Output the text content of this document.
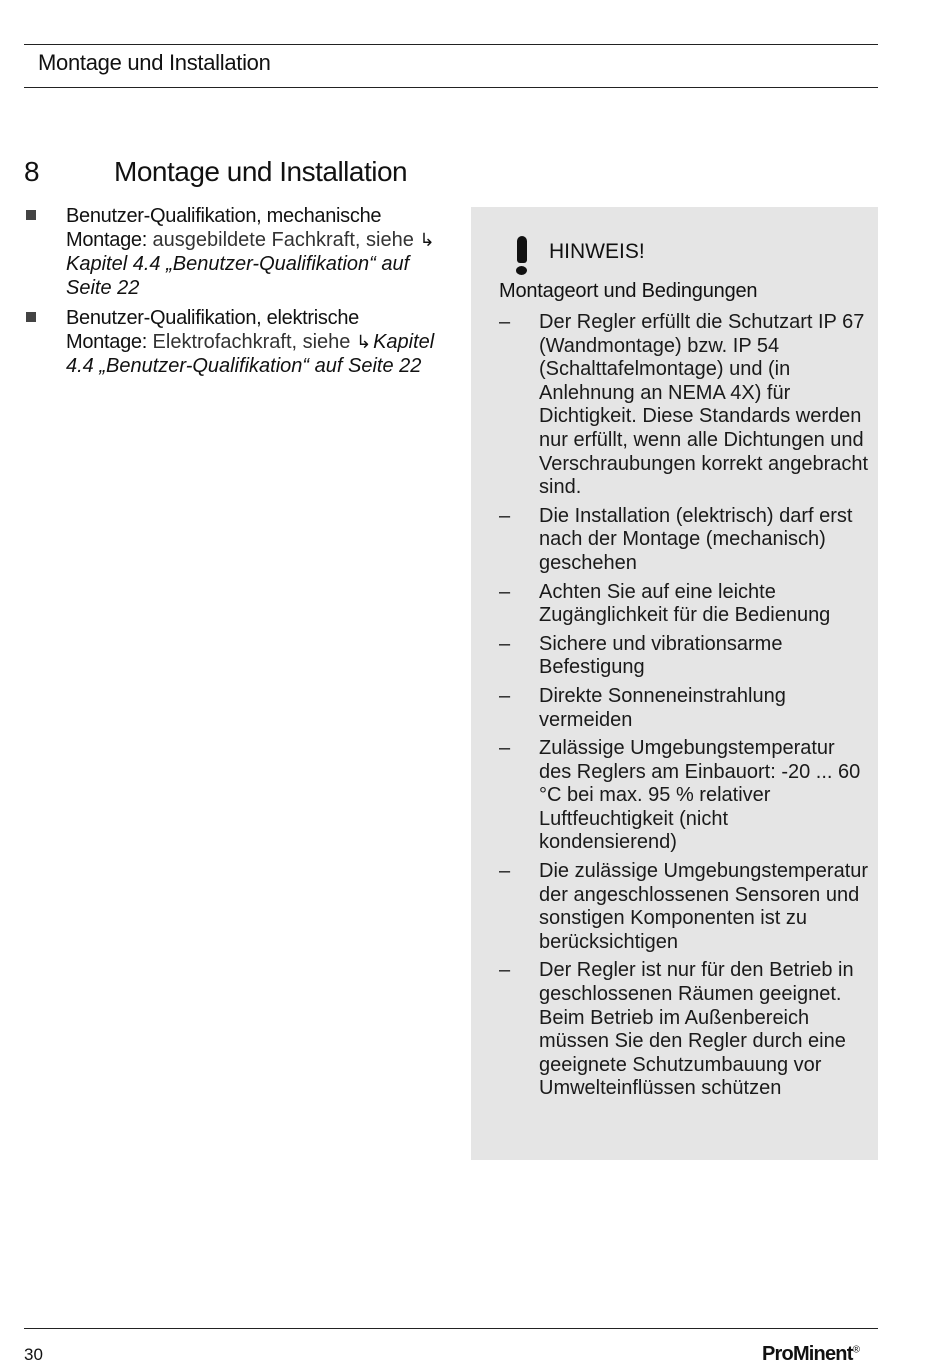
Montage und Installation
8	Montage und Installation
Benutzer-Qualifikation, mechanische Montage: ausgebildete Fachkraft, siehe ↳Kapitel 4.4 „Benutzer-Qualifikation“ auf Seite 22
Benutzer-Qualifikation, elektrische Montage: Elektrofachkraft, siehe ↳ Kapitel 4.4 „Benutzer-Qualifikation“ auf Seite 22
HINWEIS!
Montageort und Bedingungen
– Der Regler erfüllt die Schutzart IP 67 (Wandmontage) bzw. IP 54 (Schalttafelmontage) und (in Anlehnung an NEMA 4X) für Dichtigkeit. Diese Standards werden nur erfüllt, wenn alle Dichtungen und Verschraubungen korrekt angebracht sind.
– Die Installation (elektrisch) darf erst nach der Montage (mechanisch) geschehen
– Achten Sie auf eine leichte Zugänglichkeit für die Bedienung
– Sichere und vibrationsarme Befestigung
– Direkte Sonneneinstrahlung vermeiden
– Zulässige Umgebungstemperatur des Reglers am Einbauort: -20 ... 60 °C bei max. 95 % relativer Luftfeuchtigkeit (nicht kondensierend)
– Die zulässige Umgebungstemperatur der angeschlossenen Sensoren und sonstigen Komponenten ist zu berücksichtigen
– Der Regler ist nur für den Betrieb in geschlossenen Räumen geeignet. Beim Betrieb im Außenbereich müssen Sie den Regler durch eine geeignete Schutzumbauung vor Umwelteinflüssen schützen
30	ProMinent®
